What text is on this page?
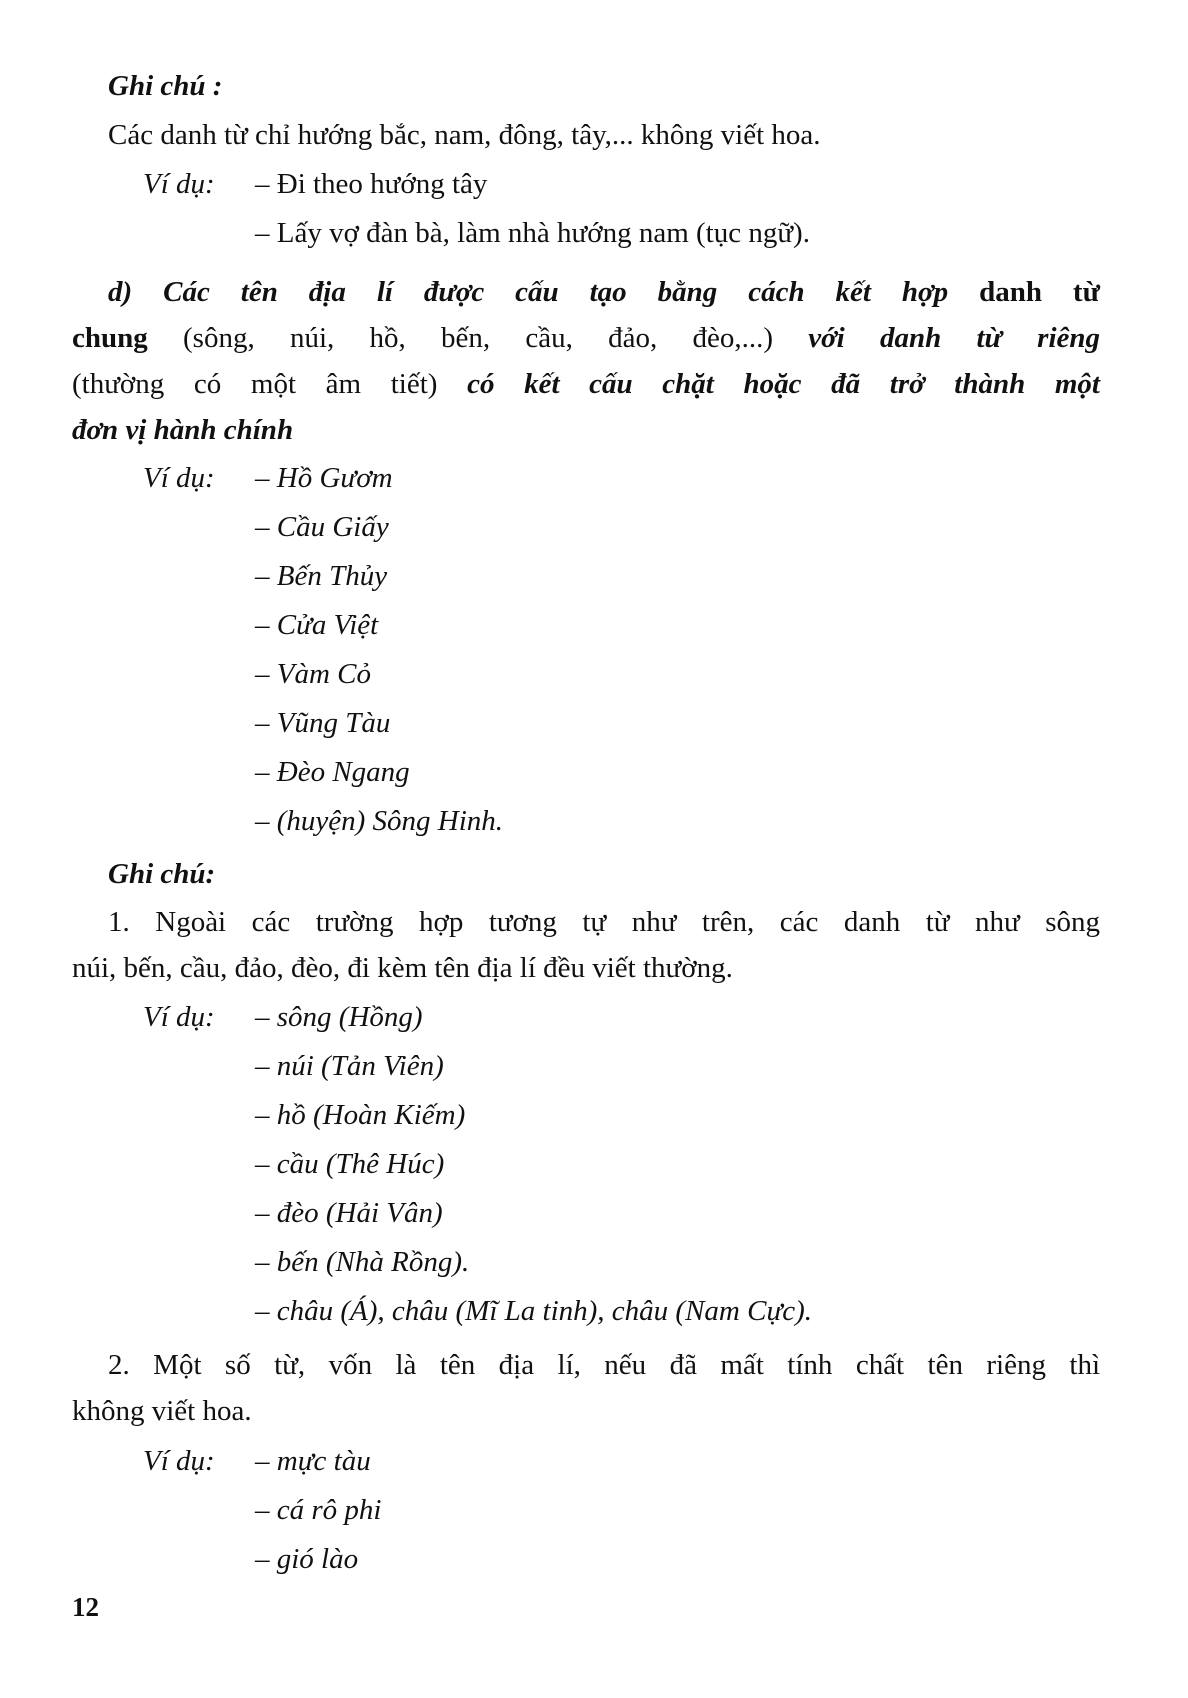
Ghi chú :
Các danh từ chỉ hướng bắc, nam, đông, tây,... không viết hoa.
Ví dụ: – Đi theo hướng tây
– Lấy vợ đàn bà, làm nhà hướng nam (tục ngữ).
d) Các tên địa lí được cấu tạo bằng cách kết hợp danh từ
chung (sông, núi, hồ, bến, cầu, đảo, đèo,...) với danh từ riêng
(thường có một âm tiết) có kết cấu chặt hoặc đã trở thành một
đơn vị hành chính
Ví dụ: – Hồ Gươm
– Cầu Giấy
– Bến Thủy
– Cửa Việt
– Vàm Cỏ
– Vũng Tàu
– Đèo Ngang
– (huyện) Sông Hinh.
Ghi chú:
1. Ngoài các trường hợp tương tự như trên, các danh từ như sông
núi, bến, cầu, đảo, đèo, đi kèm tên địa lí đều viết thường.
Ví dụ: – sông (Hồng)
– núi (Tản Viên)
– hồ (Hoàn Kiếm)
– cầu (Thê Húc)
– đèo (Hải Vân)
– bến (Nhà Rồng).
– châu (Á), châu (Mĩ La tinh), châu (Nam Cực).
2. Một số từ, vốn là tên địa lí, nếu đã mất tính chất tên riêng thì
không viết hoa.
Ví dụ: – mực tàu
– cá rô phi
– gió lào
12
